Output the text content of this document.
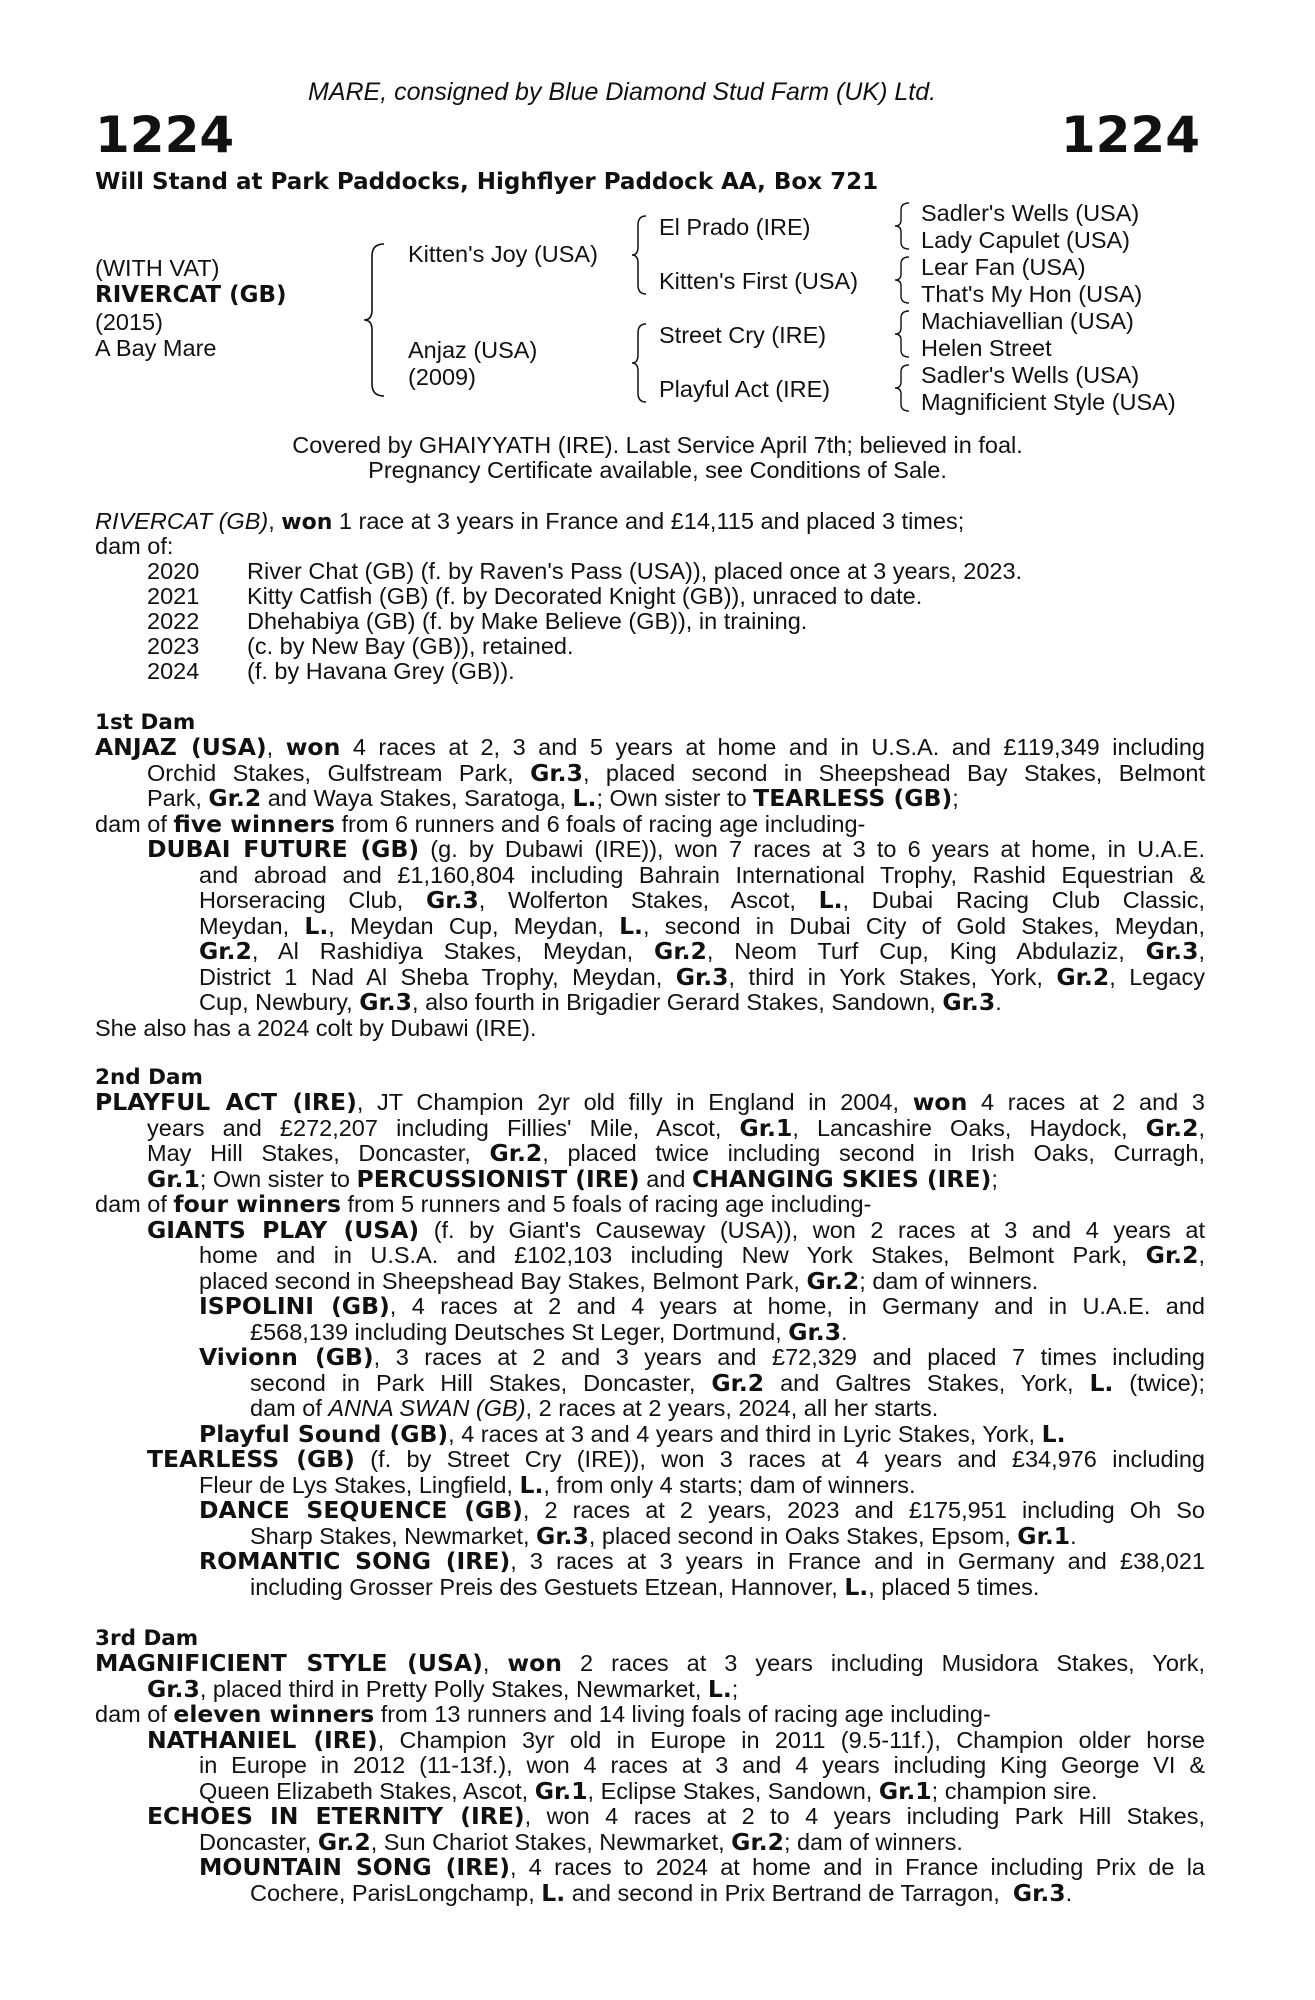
MARE, consigned by Blue Diamond Stud Farm (UK) Ltd.
1224	1224
Will Stand at Park Paddocks, Highflyer Paddock AA, Box 721
(WITH VAT)
RIVERCAT (GB)
(2015)
A Bay Mare
Kitten's Joy (USA)
Anjaz (USA)
(2009)
El Prado (IRE)
Kitten's First (USA)
Street Cry (IRE)
Playful Act (IRE)
Sadler's Wells (USA)
Lady Capulet (USA)
Lear Fan (USA)
That's My Hon (USA)
Machiavellian (USA)
Helen Street
Sadler's Wells (USA)
Magnificient Style (USA)
Covered by GHAIYYATH (IRE). Last Service April 7th; believed in foal.
Pregnancy Certificate available, see Conditions of Sale.
RIVERCAT (GB), won 1 race at 3 years in France and £14,115 and placed 3 times;
dam of:
2020 River Chat (GB) (f. by Raven's Pass (USA)), placed once at 3 years, 2023.
2021 Kitty Catfish (GB) (f. by Decorated Knight (GB)), unraced to date.
2022 Dhehabiya (GB) (f. by Make Believe (GB)), in training.
2023 (c. by New Bay (GB)), retained.
2024 (f. by Havana Grey (GB)).
1st Dam
ANJAZ (USA), won 4 races at 2, 3 and 5 years at home and in U.S.A. and £119,349 including
Orchid Stakes, Gulfstream Park, Gr.3, placed second in Sheepshead Bay Stakes, Belmont
Park, Gr.2 and Waya Stakes, Saratoga, L.; Own sister to TEARLESS (GB);
dam of five winners from 6 runners and 6 foals of racing age including-
DUBAI FUTURE (GB) (g. by Dubawi (IRE)), won 7 races at 3 to 6 years at home, in U.A.E.
and abroad and £1,160,804 including Bahrain International Trophy, Rashid Equestrian &
Horseracing Club, Gr.3, Wolferton Stakes, Ascot, L., Dubai Racing Club Classic,
Meydan, L., Meydan Cup, Meydan, L., second in Dubai City of Gold Stakes, Meydan,
Gr.2, Al Rashidiya Stakes, Meydan, Gr.2, Neom Turf Cup, King Abdulaziz, Gr.3,
District 1 Nad Al Sheba Trophy, Meydan, Gr.3, third in York Stakes, York, Gr.2, Legacy
Cup, Newbury, Gr.3, also fourth in Brigadier Gerard Stakes, Sandown, Gr.3.
She also has a 2024 colt by Dubawi (IRE).
2nd Dam
PLAYFUL ACT (IRE), JT Champion 2yr old filly in England in 2004, won 4 races at 2 and 3
years and £272,207 including Fillies' Mile, Ascot, Gr.1, Lancashire Oaks, Haydock, Gr.2,
May Hill Stakes, Doncaster, Gr.2, placed twice including second in Irish Oaks, Curragh,
Gr.1; Own sister to PERCUSSIONIST (IRE) and CHANGING SKIES (IRE);
dam of four winners from 5 runners and 5 foals of racing age including-
GIANTS PLAY (USA) (f. by Giant's Causeway (USA)), won 2 races at 3 and 4 years at
home and in U.S.A. and £102,103 including New York Stakes, Belmont Park, Gr.2,
placed second in Sheepshead Bay Stakes, Belmont Park, Gr.2; dam of winners.
ISPOLINI (GB), 4 races at 2 and 4 years at home, in Germany and in U.A.E. and
£568,139 including Deutsches St Leger, Dortmund, Gr.3.
Vivionn (GB), 3 races at 2 and 3 years and £72,329 and placed 7 times including
second in Park Hill Stakes, Doncaster, Gr.2 and Galtres Stakes, York, L. (twice);
dam of ANNA SWAN (GB), 2 races at 2 years, 2024, all her starts.
Playful Sound (GB), 4 races at 3 and 4 years and third in Lyric Stakes, York, L.
TEARLESS (GB) (f. by Street Cry (IRE)), won 3 races at 4 years and £34,976 including
Fleur de Lys Stakes, Lingfield, L., from only 4 starts; dam of winners.
DANCE SEQUENCE (GB), 2 races at 2 years, 2023 and £175,951 including Oh So
Sharp Stakes, Newmarket, Gr.3, placed second in Oaks Stakes, Epsom, Gr.1.
ROMANTIC SONG (IRE), 3 races at 3 years in France and in Germany and £38,021
including Grosser Preis des Gestuets Etzean, Hannover, L., placed 5 times.
3rd Dam
MAGNIFICIENT STYLE (USA), won 2 races at 3 years including Musidora Stakes, York,
Gr.3, placed third in Pretty Polly Stakes, Newmarket, L.;
dam of eleven winners from 13 runners and 14 living foals of racing age including-
NATHANIEL (IRE), Champion 3yr old in Europe in 2011 (9.5-11f.), Champion older horse
in Europe in 2012 (11-13f.), won 4 races at 3 and 4 years including King George VI &
Queen Elizabeth Stakes, Ascot, Gr.1, Eclipse Stakes, Sandown, Gr.1; champion sire.
ECHOES IN ETERNITY (IRE), won 4 races at 2 to 4 years including Park Hill Stakes,
Doncaster, Gr.2, Sun Chariot Stakes, Newmarket, Gr.2; dam of winners.
MOUNTAIN SONG (IRE), 4 races to 2024 at home and in France including Prix de la
Cochere, ParisLongchamp, L. and second in Prix Bertrand de Tarragon,  Gr.3.
